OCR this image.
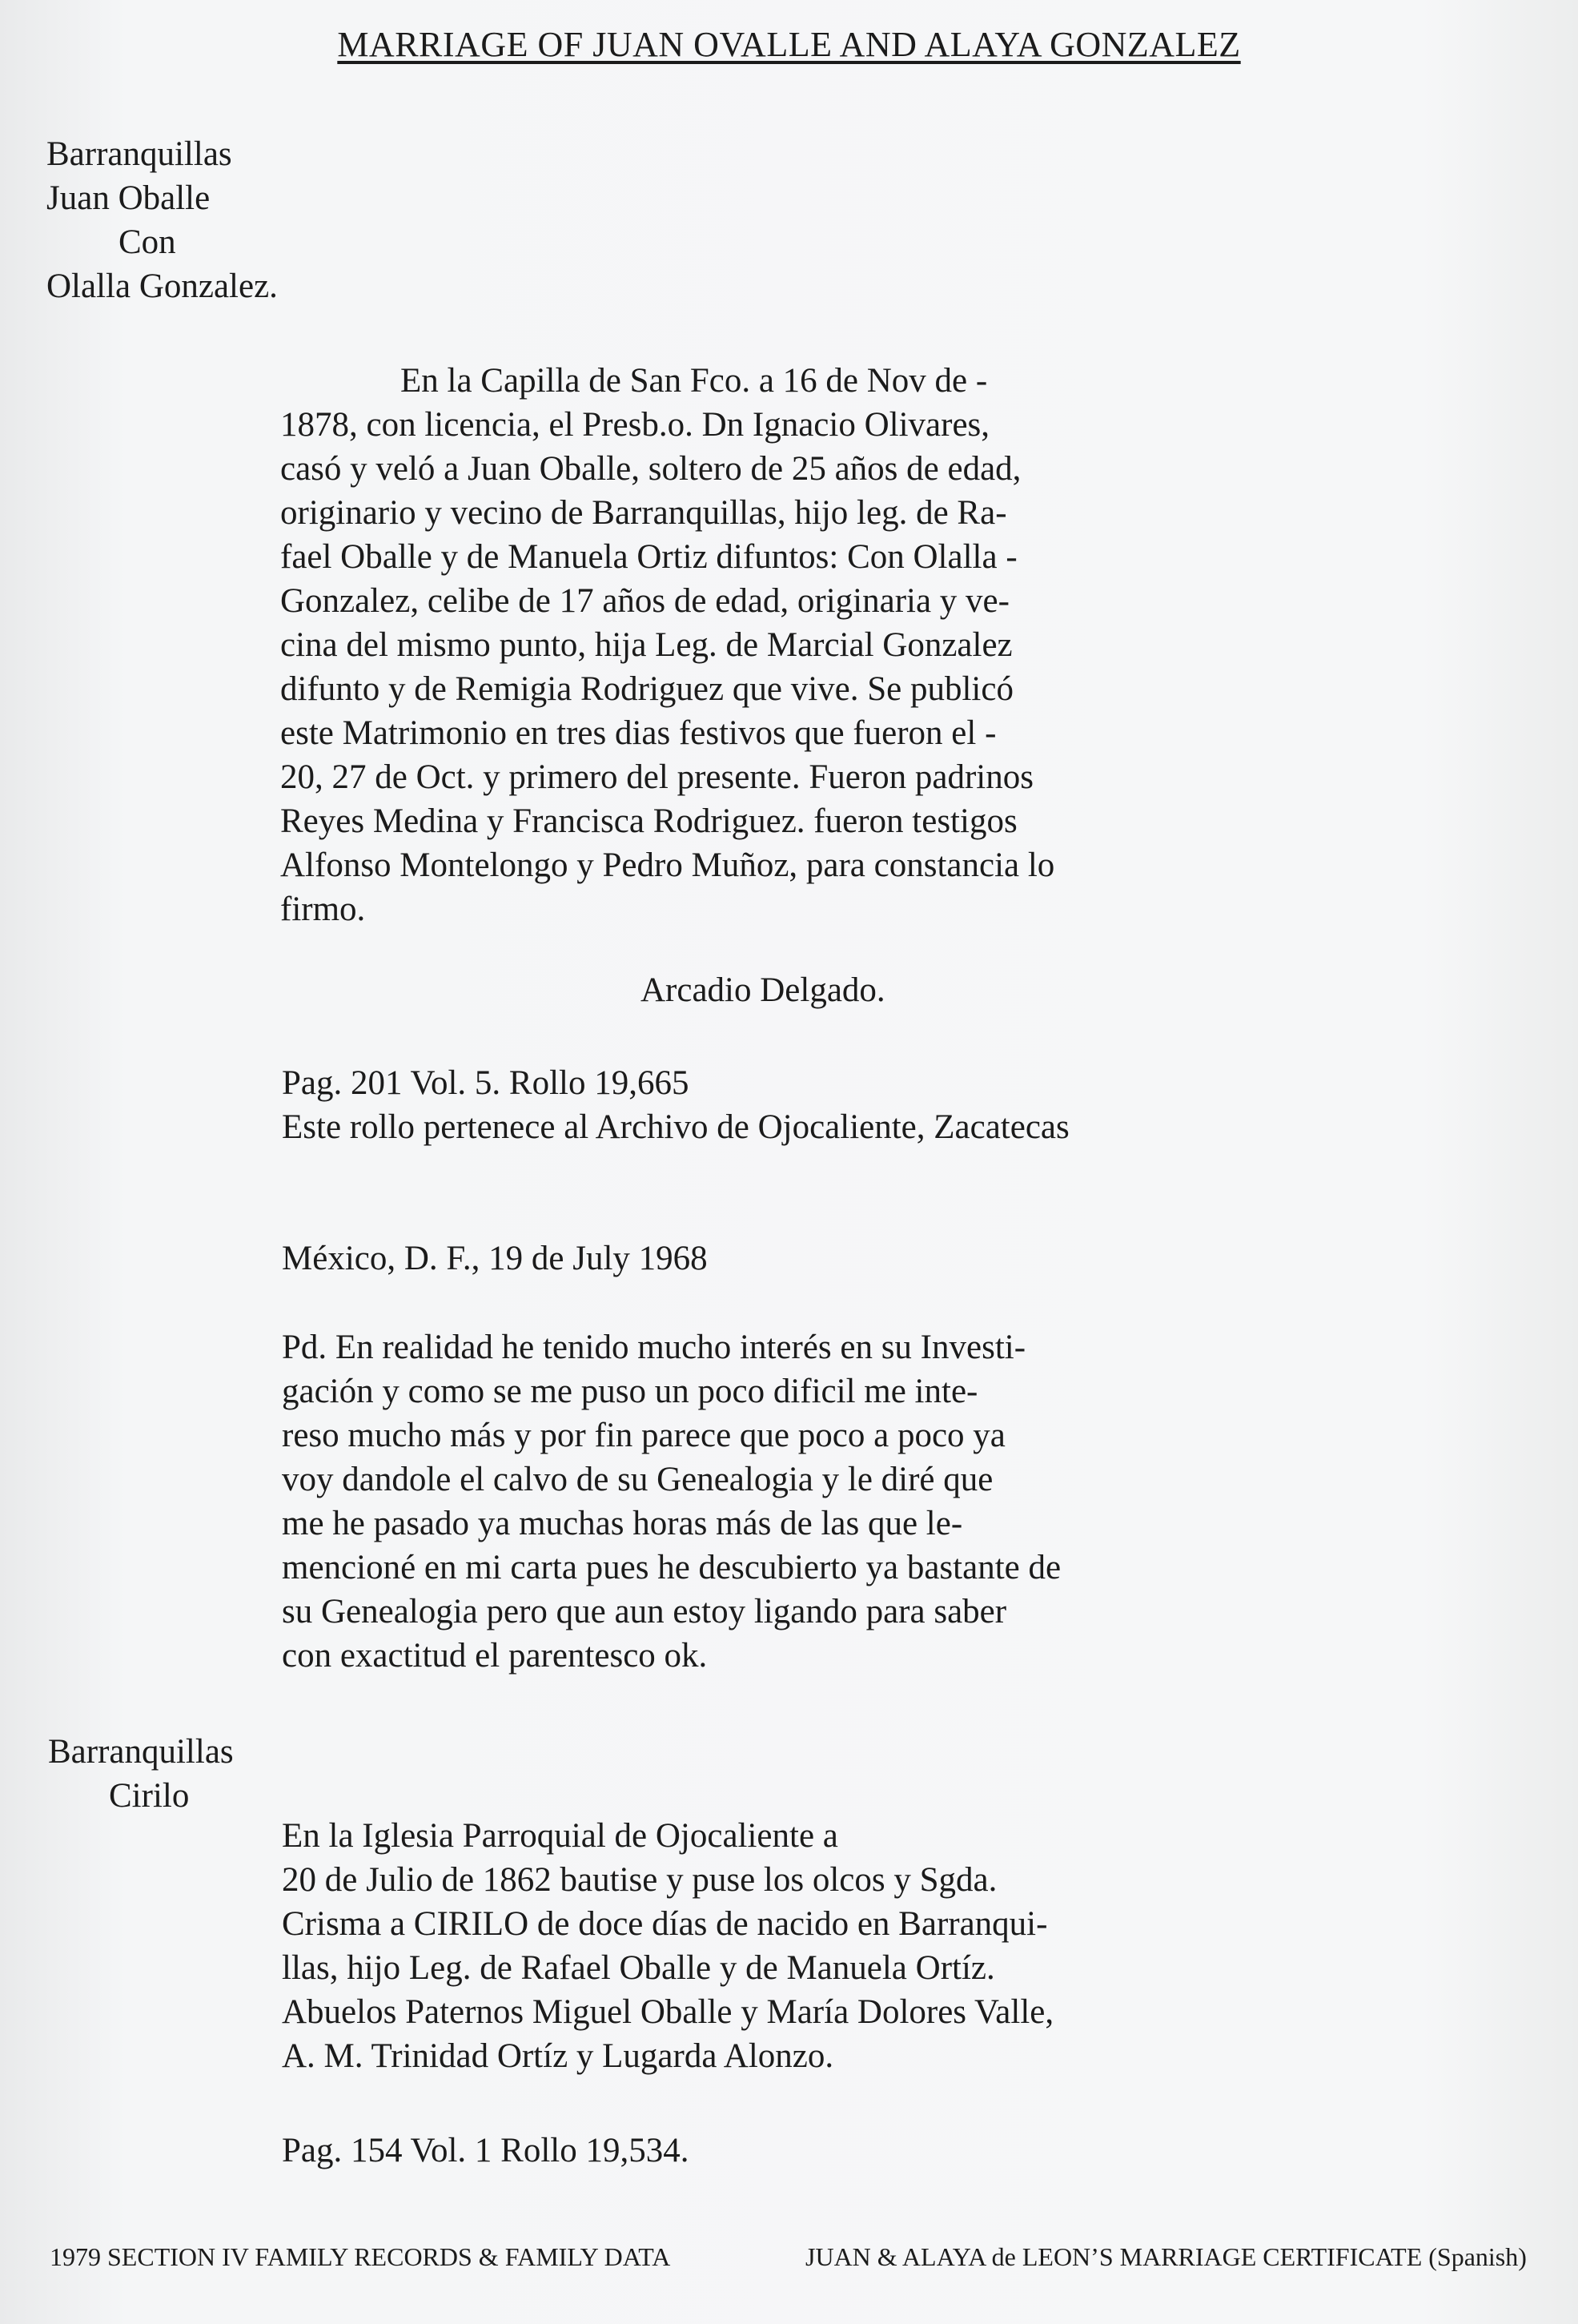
MARRIAGE OF JUAN OVALLE AND ALAYA GONZALEZ
Barranquillas
Juan Oballe
Con
Olalla Gonzalez.
En la Capilla de San Fco. a 16 de Nov de -
1878, con licencia, el Presb.o. Dn Ignacio Olivares,
casó y veló a Juan Oballe, soltero de 25 años de edad,
originario y vecino de Barranquillas, hijo leg. de Ra-
fael Oballe y de Manuela Ortiz difuntos: Con Olalla -
Gonzalez, celibe de 17 años de edad, originaria y ve-
cina del mismo punto, hija Leg. de Marcial Gonzalez
difunto y de Remigia Rodriguez que vive. Se publicó
este Matrimonio en tres dias festivos que fueron el -
20, 27 de Oct. y primero del presente. Fueron padrinos
Reyes Medina y Francisca Rodriguez. fueron testigos
Alfonso Montelongo y Pedro Muñoz, para constancia lo
firmo.
Arcadio Delgado.
Pag. 201 Vol. 5. Rollo 19,665
Este rollo pertenece al Archivo de Ojocaliente, Zacatecas
México, D. F., 19 de July 1968
Pd. En realidad he tenido mucho interés en su Investi-
gación y como se me puso un poco dificil me inte-
reso mucho más y por fin parece que poco a poco ya
voy dandole el calvo de su Genealogia y le diré que
me he pasado ya muchas horas más de las que le-
mencioné en mi carta pues he descubierto ya bastante de
su Genealogia pero que aun estoy ligando para saber
con exactitud el parentesco ok.
Barranquillas
Cirilo
En la Iglesia Parroquial de Ojocaliente a
20 de Julio de 1862 bautise y puse los olcos y Sgda.
Crisma a CIRILO de doce días de nacido en Barranqui-
llas, hijo Leg. de Rafael Oballe y de Manuela Ortíz.
Abuelos Paternos Miguel Oballe y María Dolores Valle,
A. M. Trinidad Ortíz y Lugarda Alonzo.
Pag. 154 Vol. 1 Rollo 19,534.
1979 SECTION IV FAMILY RECORDS & FAMILY DATA	JUAN & ALAYA de LEON’S MARRIAGE CERTIFICATE (Spanish)
